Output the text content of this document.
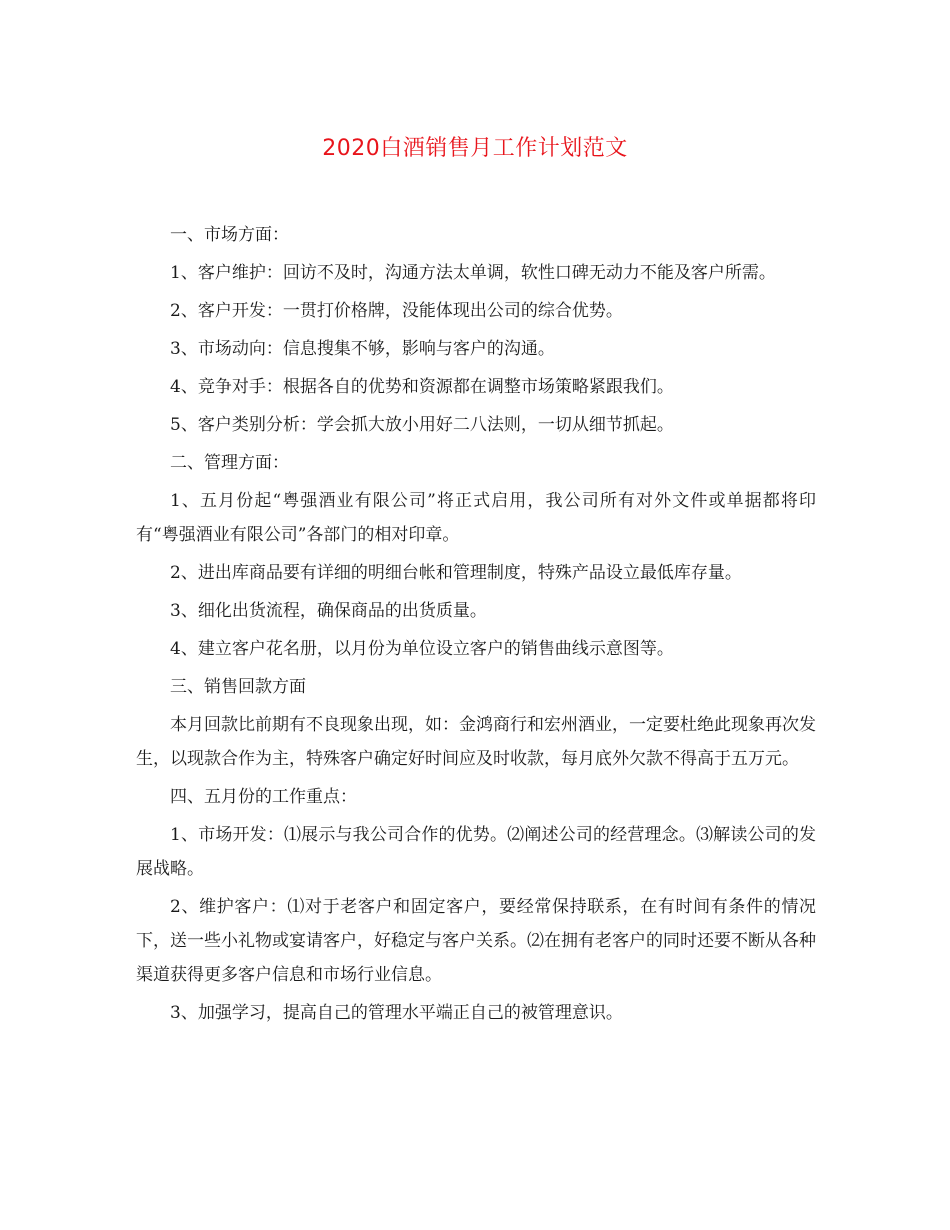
2020白酒销售月工作计划范文

一、市场方面：

1、客户维护：回访不及时，沟通方法太单调，软性口碑无动力不能及客户所需。

2、客户开发：一贯打价格牌，没能体现出公司的综合优势。

3、市场动向：信息搜集不够，影响与客户的沟通。

4、竞争对手：根据各自的优势和资源都在调整市场策略紧跟我们。

5、客户类别分析：学会抓大放小用好二八法则，一切从细节抓起。

二、管理方面：

1、五月份起“粤强酒业有限公司”将正式启用，我公司所有对外文件或单据都将印有“粤强酒业有限公司”各部门的相对印章。

2、进出库商品要有详细的明细台帐和管理制度，特殊产品设立最低库存量。

3、细化出货流程，确保商品的出货质量。

4、建立客户花名册，以月份为单位设立客户的销售曲线示意图等。

三、销售回款方面

本月回款比前期有不良现象出现，如：金鸿商行和宏州酒业，一定要杜绝此现象再次发生，以现款合作为主，特殊客户确定好时间应及时收款，每月底外欠款不得高于五万元。

四、五月份的工作重点：

1、市场开发：⑴展示与我公司合作的优势。⑵阐述公司的经营理念。⑶解读公司的发展战略。

2、维护客户：⑴对于老客户和固定客户，要经常保持联系，在有时间有条件的情况下，送一些小礼物或宴请客户，好稳定与客户关系。⑵在拥有老客户的同时还要不断从各种渠道获得更多客户信息和市场行业信息。

3、加强学习，提高自己的管理水平端正自己的被管理意识。
